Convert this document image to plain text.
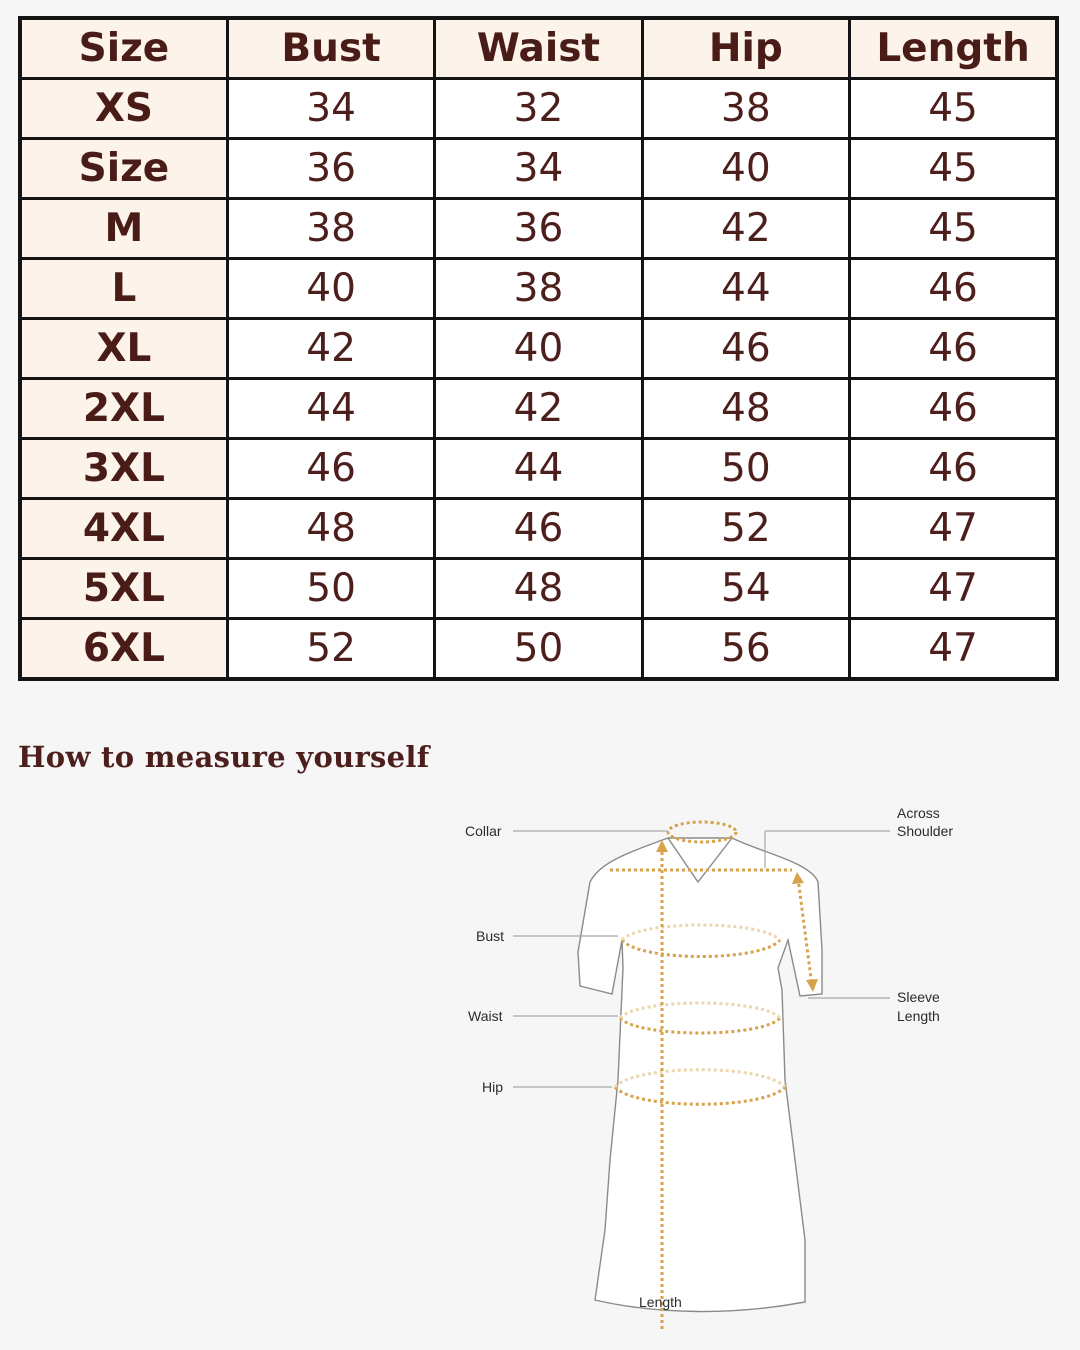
Size	Bust	Waist	Hip	Length
XS	34	32	38	45
Size	36	34	40	45
M	38	36	42	45
L	40	38	44	46
XL	42	40	46	46
2XL	44	42	48	46
3XL	46	44	50	46
4XL	48	46	52	47
5XL	50	48	54	47
6XL	52	50	56	47
How to measure yourself
Collar
Across
Shoulder
Bust
Waist
Hip
Sleeve
Length
Length
